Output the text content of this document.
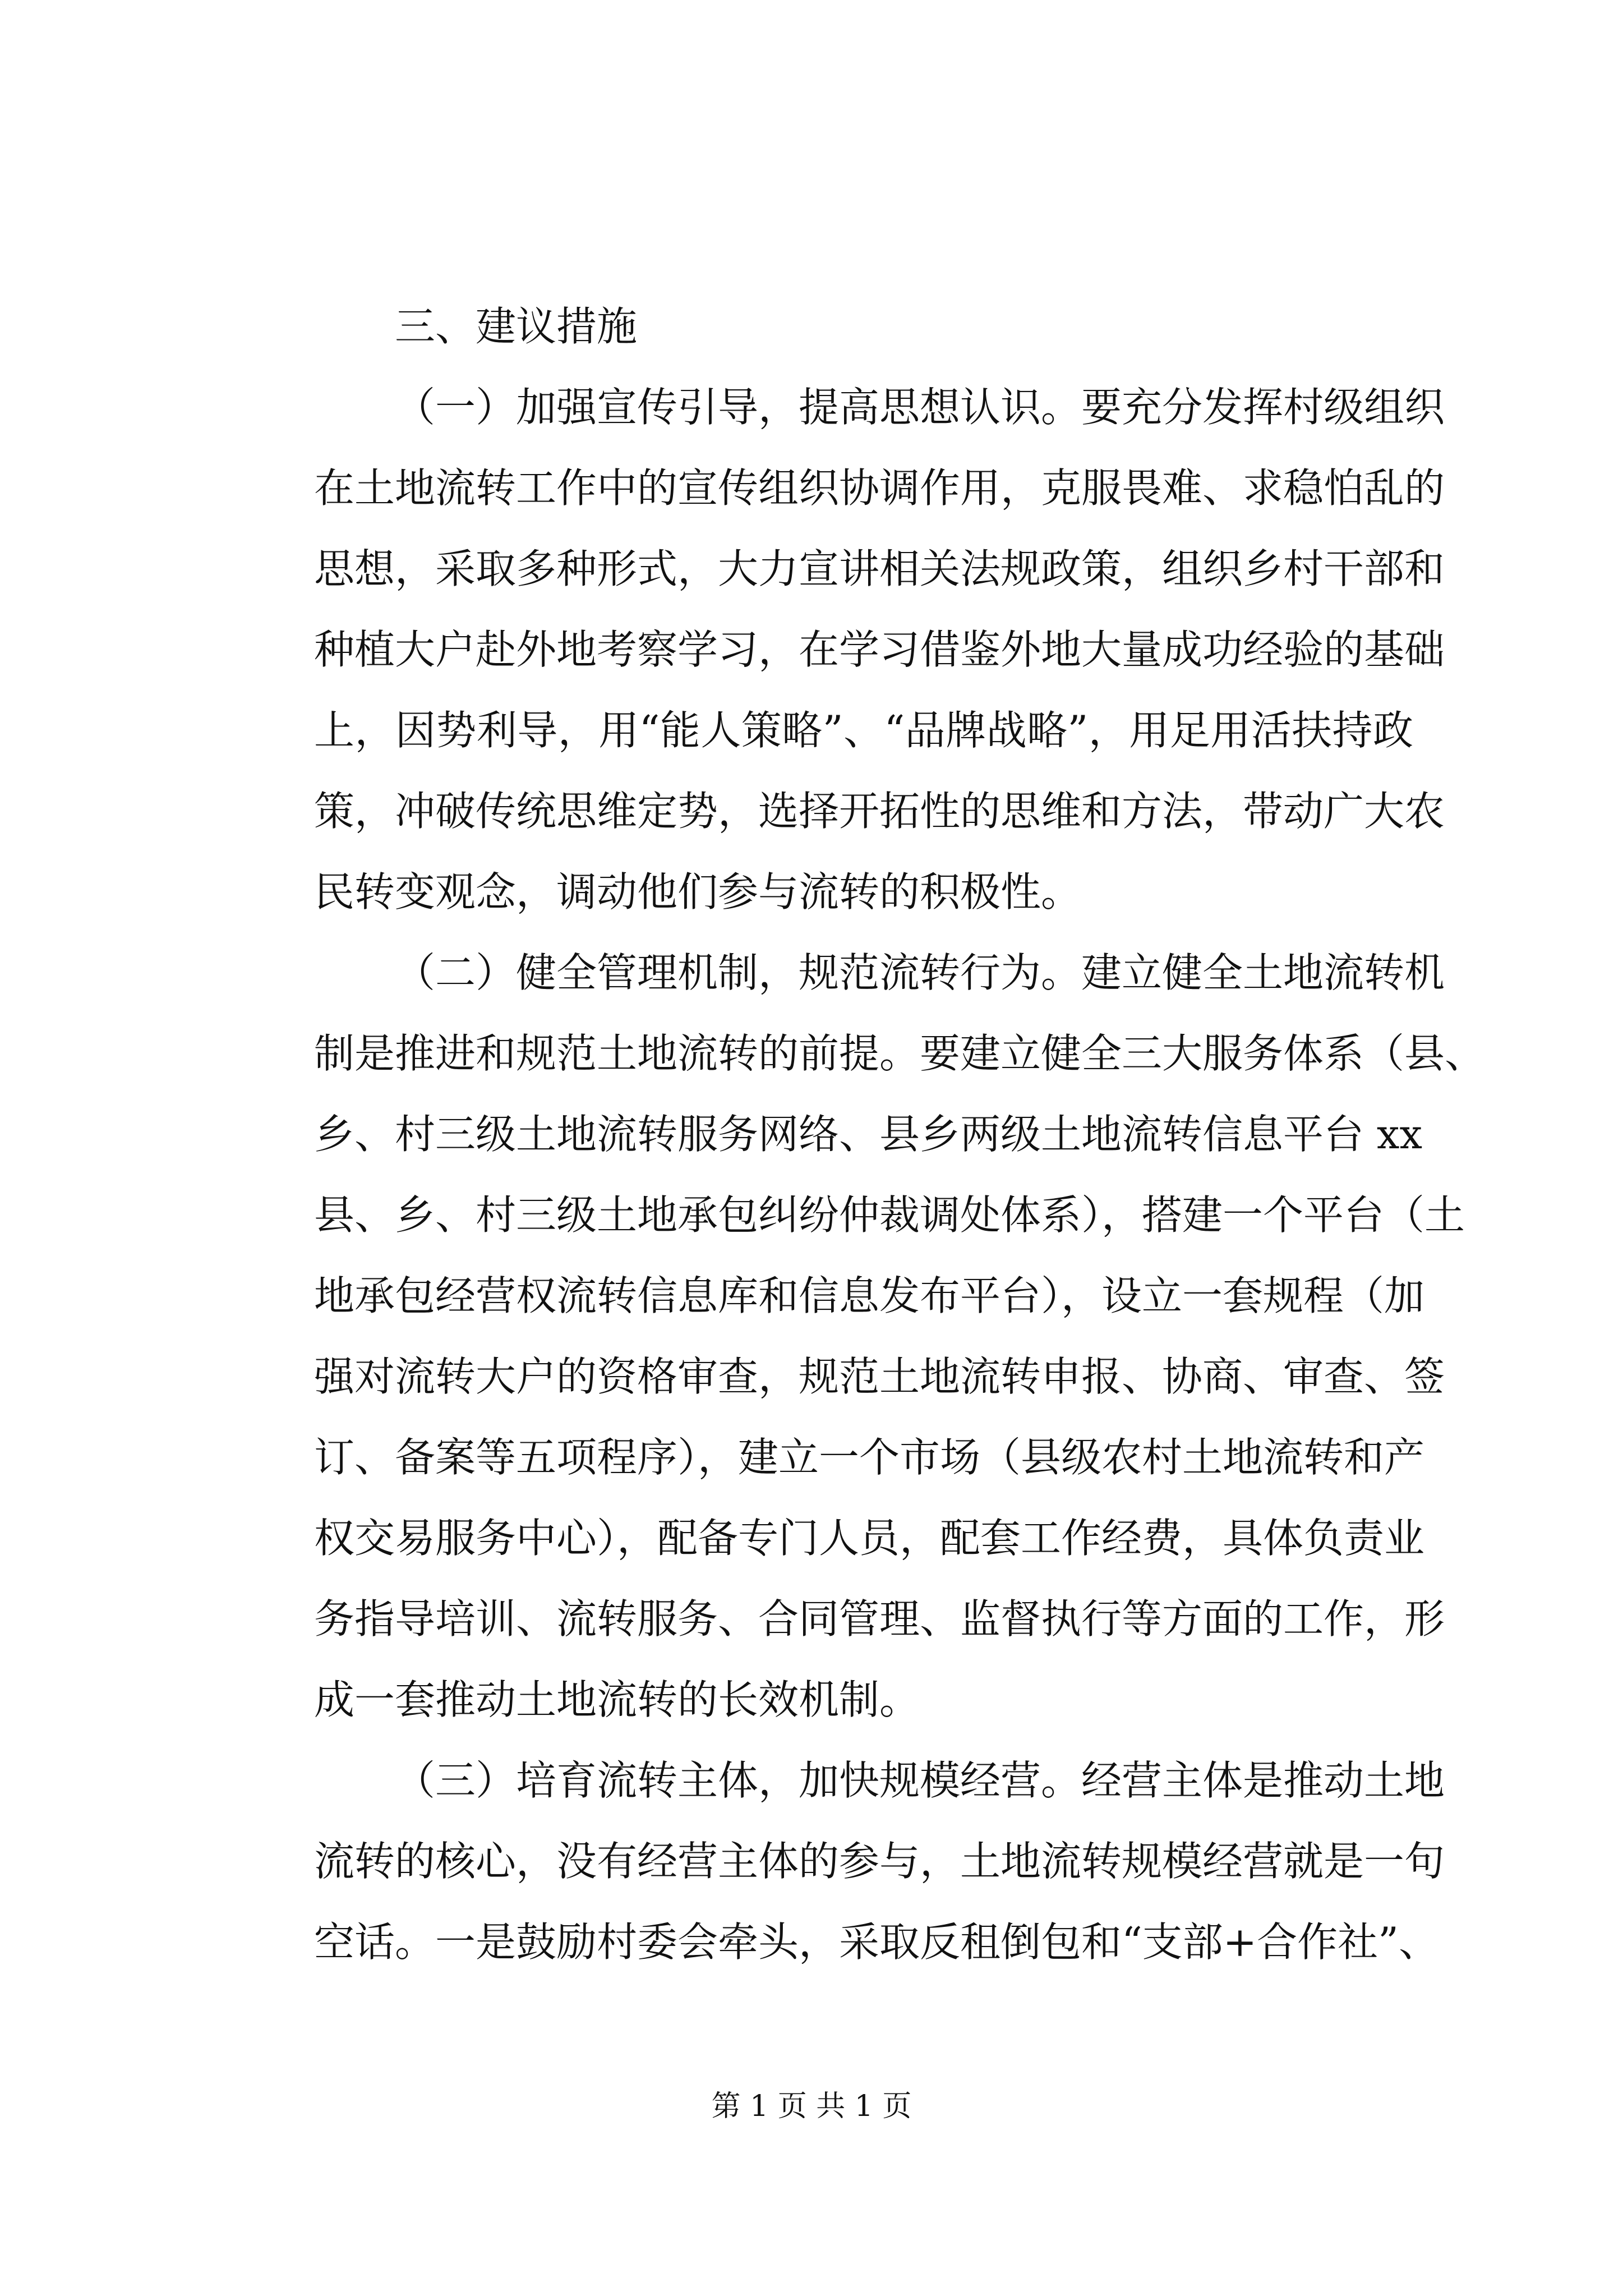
三、建议措施
（一）加强宣传引导，提高思想认识。要充分发挥村级组织
在土地流转工作中的宣传组织协调作用，克服畏难、求稳怕乱的
思想，采取多种形式，大力宣讲相关法规政策，组织乡村干部和
种植大户赴外地考察学习，在学习借鉴外地大量成功经验的基础
上，因势利导，用“能人策略”、“品牌战略”，用足用活扶持政
策，冲破传统思维定势，选择开拓性的思维和方法，带动广大农
民转变观念，调动他们参与流转的积极性。
（二）健全管理机制，规范流转行为。建立健全土地流转机
制是推进和规范土地流转的前提。要建立健全三大服务体系（县、
乡、村三级土地流转服务网络、县乡两级土地流转信息平台 xx
县、乡、村三级土地承包纠纷仲裁调处体系），搭建一个平台（土
地承包经营权流转信息库和信息发布平台），设立一套规程（加
强对流转大户的资格审查，规范土地流转申报、协商、审查、签
订、备案等五项程序），建立一个市场（县级农村土地流转和产
权交易服务中心），配备专门人员，配套工作经费，具体负责业
务指导培训、流转服务、合同管理、监督执行等方面的工作，形
成一套推动土地流转的长效机制。
（三）培育流转主体，加快规模经营。经营主体是推动土地
流转的核心，没有经营主体的参与，土地流转规模经营就是一句
空话。一是鼓励村委会牵头，采取反租倒包和“支部+合作社”、
第 1 页 共 1 页
